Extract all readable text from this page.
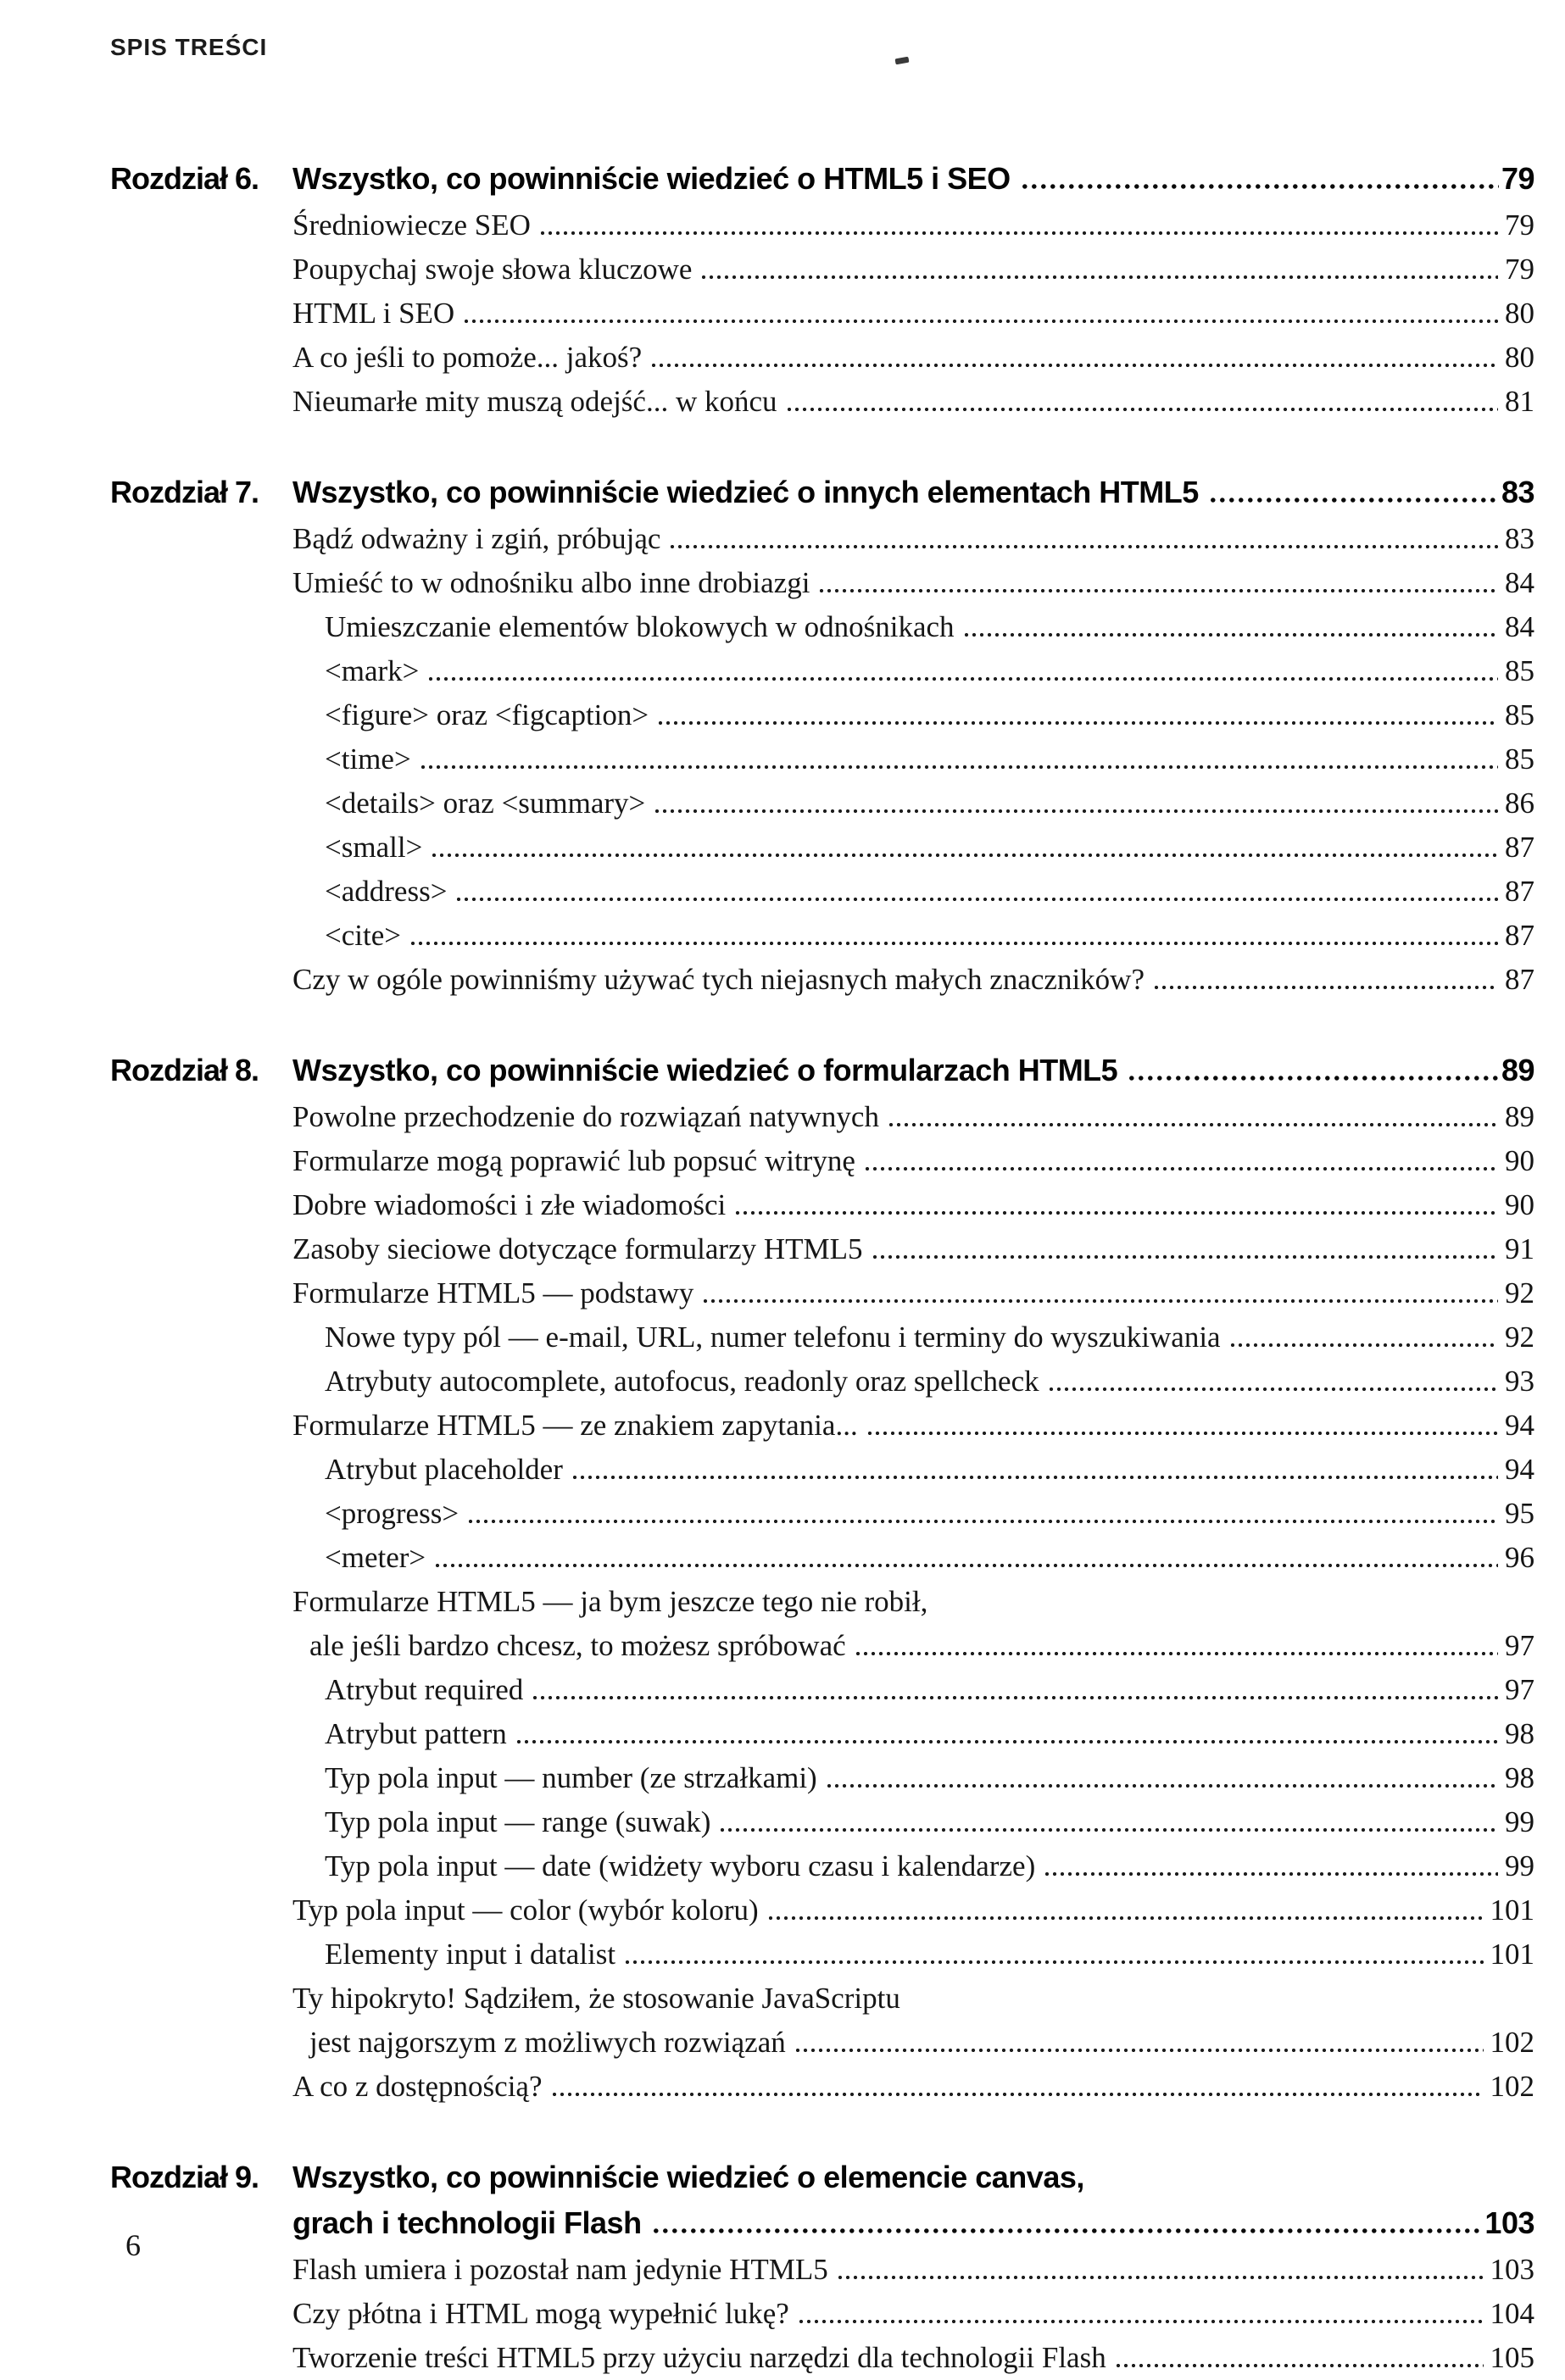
SPIS TREŚCI
Rozdział 6.	Wszystko, co powinniście wiedzieć o HTML5 i SEO	79
Średniowiecze SEO	79
Poupychaj swoje słowa kluczowe	79
HTML i SEO	80
A co jeśli to pomoże... jakoś?	80
Nieumarłe mity muszą odejść... w końcu	81
Rozdział 7.	Wszystko, co powinniście wiedzieć o innych elementach HTML5	83
Bądź odważny i zgiń, próbując	83
Umieść to w odnośniku albo inne drobiazgi	84
Umieszczanie elementów blokowych w odnośnikach	84
<mark>	85
<figure> oraz <figcaption>	85
<time>	85
<details> oraz <summary>	86
<small>	87
<address>	87
<cite>	87
Czy w ogóle powinniśmy używać tych niejasnych małych znaczników?	87
Rozdział 8.	Wszystko, co powinniście wiedzieć o formularzach HTML5	89
Powolne przechodzenie do rozwiązań natywnych	89
Formularze mogą poprawić lub popsuć witrynę	90
Dobre wiadomości i złe wiadomości	90
Zasoby sieciowe dotyczące formularzy HTML5	91
Formularze HTML5 — podstawy	92
Nowe typy pól — e-mail, URL, numer telefonu i terminy do wyszukiwania	92
Atrybuty autocomplete, autofocus, readonly oraz spellcheck	93
Formularze HTML5 — ze znakiem zapytania...	94
Atrybut placeholder	94
<progress>	95
<meter>	96
Formularze HTML5 — ja bym jeszcze tego nie robił,
ale jeśli bardzo chcesz, to możesz spróbować	97
Atrybut required	97
Atrybut pattern	98
Typ pola input — number (ze strzałkami)	98
Typ pola input — range (suwak)	99
Typ pola input — date (widżety wyboru czasu i kalendarze)	99
Typ pola input — color (wybór koloru)	101
Elementy input i datalist	101
Ty hipokryto! Sądziłem, że stosowanie JavaScriptu
jest najgorszym z możliwych rozwiązań	102
A co z dostępnością?	102
Rozdział 9.	Wszystko, co powinniście wiedzieć o elemencie canvas,
grach i technologii Flash	103
Flash umiera i pozostał nam jedynie HTML5	103
Czy płótna i HTML mogą wypełnić lukę?	104
Tworzenie treści HTML5 przy użyciu narzędzi dla technologii Flash	105
6
